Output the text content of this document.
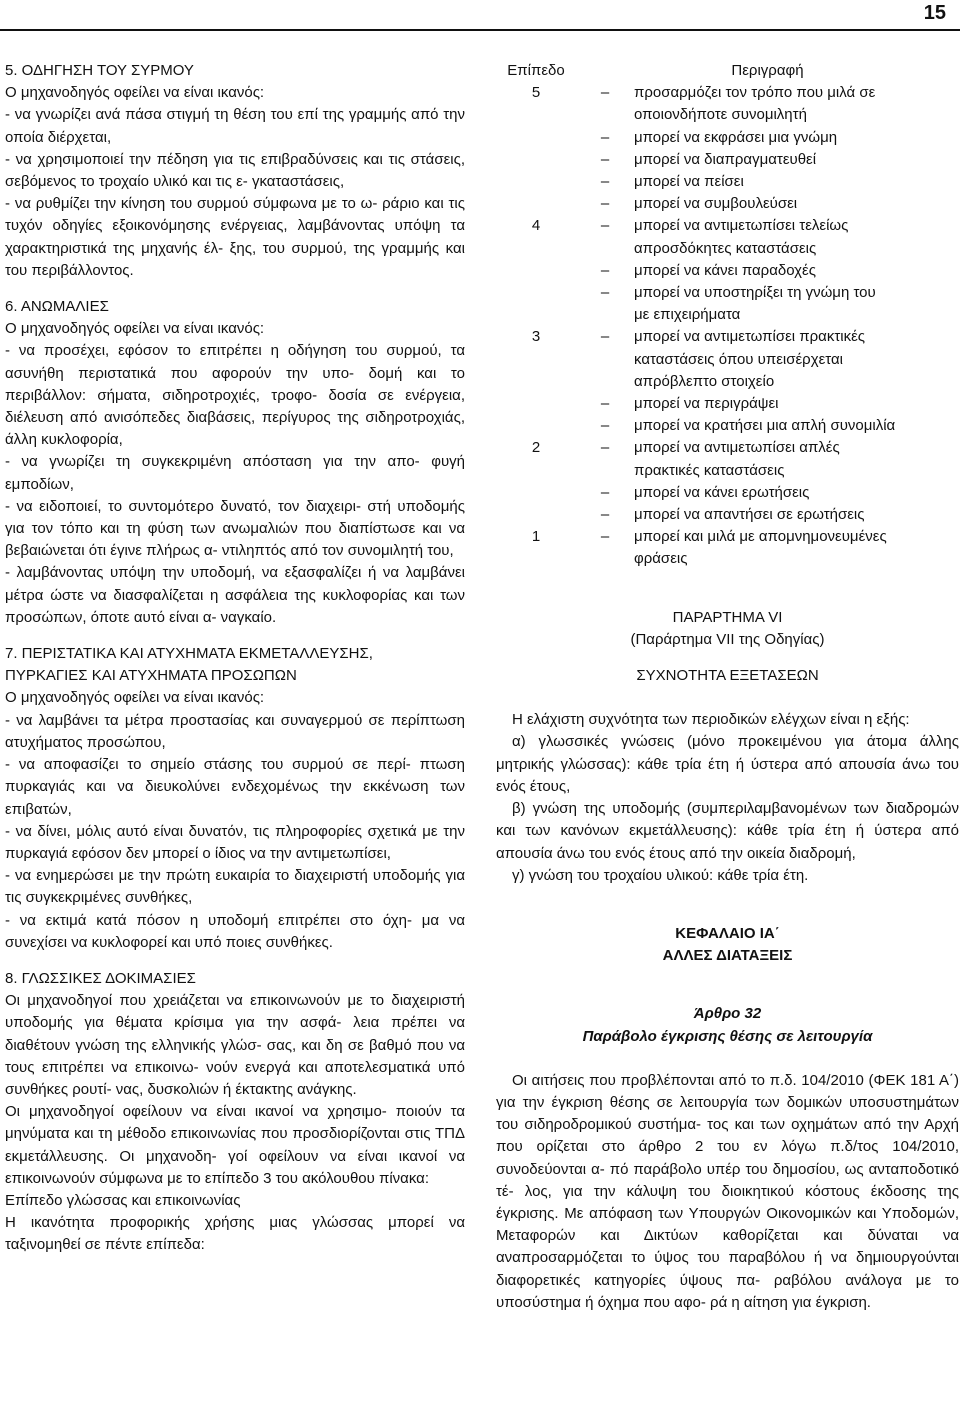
15

5. ΟΔΗΓΗΣΗ ΤΟΥ ΣΥΡΜΟΥ

Ο μηχανοδηγός οφείλει να είναι ικανός:

- να γνωρίζει ανά πάσα στιγμή τη θέση του επί της γραμμής από την οποία διέρχεται,

- να χρησιμοποιεί την πέδηση για τις επιβραδύνσεις και τις στάσεις, σεβόμενος το τροχαίο υλικό και τις ε- γκαταστάσεις,

- να ρυθμίζει την κίνηση του συρμού σύμφωνα με το ω- ράριο και τις τυχόν οδηγίες εξοικονόμησης ενέργειας, λαμβάνοντας υπόψη τα χαρακτηριστικά της μηχανής έλ- ξης, του συρμού, της γραμμής και του περιβάλλοντος.

6. ΑΝΩΜΑΛΙΕΣ

Ο μηχανοδηγός οφείλει να είναι ικανός:

- να προσέχει, εφόσον το επιτρέπει η οδήγηση του συρμού, τα ασυνήθη περιστατικά που αφορούν την υπο- δομή και το περιβάλλον: σήματα, σιδηροτροχιές, τροφο- δοσία σε ενέργεια, διέλευση από ανισόπεδες διαβάσεις, περίγυρος της σιδηροτροχιάς, άλλη κυκλοφορία,

- να γνωρίζει τη συγκεκριμένη απόσταση για την απο- φυγή εμποδίων,

- να ειδοποιεί, το συντομότερο δυνατό, τον διαχειρι- στή υποδομής για τον τόπο και τη φύση των ανωμαλιών που διαπίστωσε και να βεβαιώνεται ότι έγινε πλήρως α- ντιληπτός από τον συνομιλητή του,

- λαμβάνοντας υπόψη την υποδομή, να εξασφαλίζει ή να λαμβάνει μέτρα ώστε να διασφαλίζεται η ασφάλεια της κυκλοφορίας και των προσώπων, όποτε αυτό είναι α- ναγκαίο.

7. ΠΕΡΙΣΤΑΤΙΚΑ ΚΑΙ ΑΤΥΧΗΜΑΤΑ ΕΚΜΕΤΑΛΛΕΥΣΗΣ,

ΠΥΡΚΑΓΙΕΣ ΚΑΙ ΑΤΥΧΗΜΑΤΑ ΠΡΟΣΩΠΩΝ

Ο μηχανοδηγός οφείλει να είναι ικανός:

- να λαμβάνει τα μέτρα προστασίας και συναγερμού σε περίπτωση ατυχήματος προσώπου,

- να αποφασίζει το σημείο στάσης του συρμού σε περί- πτωση πυρκαγιάς και να διευκολύνει ενδεχομένως την εκκένωση των επιβατών,

- να δίνει, μόλις αυτό είναι δυνατόν, τις πληροφορίες σχετικά με την πυρκαγιά εφόσον δεν μπορεί ο ίδιος να την αντιμετωπίσει,

- να ενημερώσει με την πρώτη ευκαιρία το διαχειριστή υποδομής για τις συγκεκριμένες συνθήκες,

- να εκτιμά κατά πόσον η υποδομή επιτρέπει στο όχη- μα να συνεχίσει να κυκλοφορεί και υπό ποιες συνθήκες.

8. ΓΛΩΣΣΙΚΕΣ ΔΟΚΙΜΑΣΙΕΣ

Οι μηχανοδηγοί που χρειάζεται να επικοινωνούν με το διαχειριστή υποδομής για θέματα κρίσιμα για την ασφά- λεια πρέπει να διαθέτουν γνώση της ελληνικής γλώσ- σας, και δη σε βαθμό που να τους επιτρέπει να επικοινω- νούν ενεργά και αποτελεσματικά υπό συνθήκες ρουτί- νας, δυσκολιών ή έκτακτης ανάγκης.

Οι μηχανοδηγοί οφείλουν να είναι ικανοί να χρησιμο- ποιούν τα μηνύματα και τη μέθοδο επικοινωνίας που προσδιορίζονται στις ΤΠΔ εκμετάλλευσης. Οι μηχανοδη- γοί οφείλουν να είναι ικανοί να επικοινωνούν σύμφωνα με το επίπεδο 3 του ακόλουθου πίνακα:

Επίπεδο γλώσσας και επικοινωνίας

Η ικανότητα προφορικής χρήσης μιας γλώσσας μπορεί να ταξινομηθεί σε πέντε επίπεδα:

Επίπεδο	Περιγραφή	
5	–	προσαρμόζει τον τρόπο που μιλά σε
		οποιονδήποτε συνομιλητή
	–	μπορεί να εκφράσει μια γνώμη
	–	μπορεί να διαπραγματευθεί
	–	μπορεί να πείσει
	–	μπορεί να συμβουλεύσει
4	–	μπορεί να αντιμετωπίσει τελείως
		απροσδόκητες καταστάσεις
	–	μπορεί να κάνει παραδοχές
	–	μπορεί να υποστηρίξει τη γνώμη του
		με επιχειρήματα
3	–	μπορεί να αντιμετωπίσει πρακτικές
		καταστάσεις όπου υπεισέρχεται
		απρόβλεπτο στοιχείο
	–	μπορεί να περιγράψει
	–	μπορεί να κρατήσει μια απλή συνομιλία
2	–	μπορεί να αντιμετωπίσει απλές
		πρακτικές καταστάσεις
	–	μπορεί να κάνει ερωτήσεις
	–	μπορεί να απαντήσει σε ερωτήσεις
1	–	μπορεί και μιλά με απομνημονευμένες
		φράσεις

ΠΑΡΑΡΤΗΜΑ VI

(Παράρτημα VII της Οδηγίας)

ΣΥΧΝΟΤΗΤΑ ΕΞΕΤΑΣΕΩΝ

Η ελάχιστη συχνότητα των περιοδικών ελέγχων είναι η εξής:

α) γλωσσικές γνώσεις (μόνο προκειμένου για άτομα άλλης μητρικής γλώσσας): κάθε τρία έτη ή ύστερα από απουσία άνω του ενός έτους,

β) γνώση της υποδομής (συμπεριλαμβανομένων των διαδρομών και των κανόνων εκμετάλλευσης): κάθε τρία έτη ή ύστερα από απουσία άνω του ενός έτους από την οικεία διαδρομή,

γ) γνώση του τροχαίου υλικού: κάθε τρία έτη.

ΚΕΦΑΛΑΙΟ ΙΑ΄

ΑΛΛΕΣ ΔΙΑΤΑΞΕΙΣ

Άρθρο 32

Παράβολο έγκρισης θέσης σε λειτουργία

Οι αιτήσεις που προβλέπονται από το π.δ. 104/2010 (ΦΕΚ 181 Α΄) για την έγκριση θέσης σε λειτουργία των δομικών υποσυστημάτων του σιδηροδρομικού συστήμα- τος και των οχημάτων από την Αρχή που ορίζεται στο άρθρο 2 του εν λόγω π.δ/τος 104/2010, συνοδεύονται α- πό παράβολο υπέρ του δημοσίου, ως ανταποδοτικό τέ- λος, για την κάλυψη του διοικητικού κόστους έκδοσης της έγκρισης. Με απόφαση των Υπουργών Οικονομικών και Υποδομών, Μεταφορών και Δικτύων καθορίζεται και δύναται να αναπροσαρμόζεται το ύψος του παραβόλου ή να δημιουργούνται διαφορετικές κατηγορίες ύψους πα- ραβόλου ανάλογα με το υποσύστημα ή όχημα που αφο- ρά η αίτηση για έγκριση.
